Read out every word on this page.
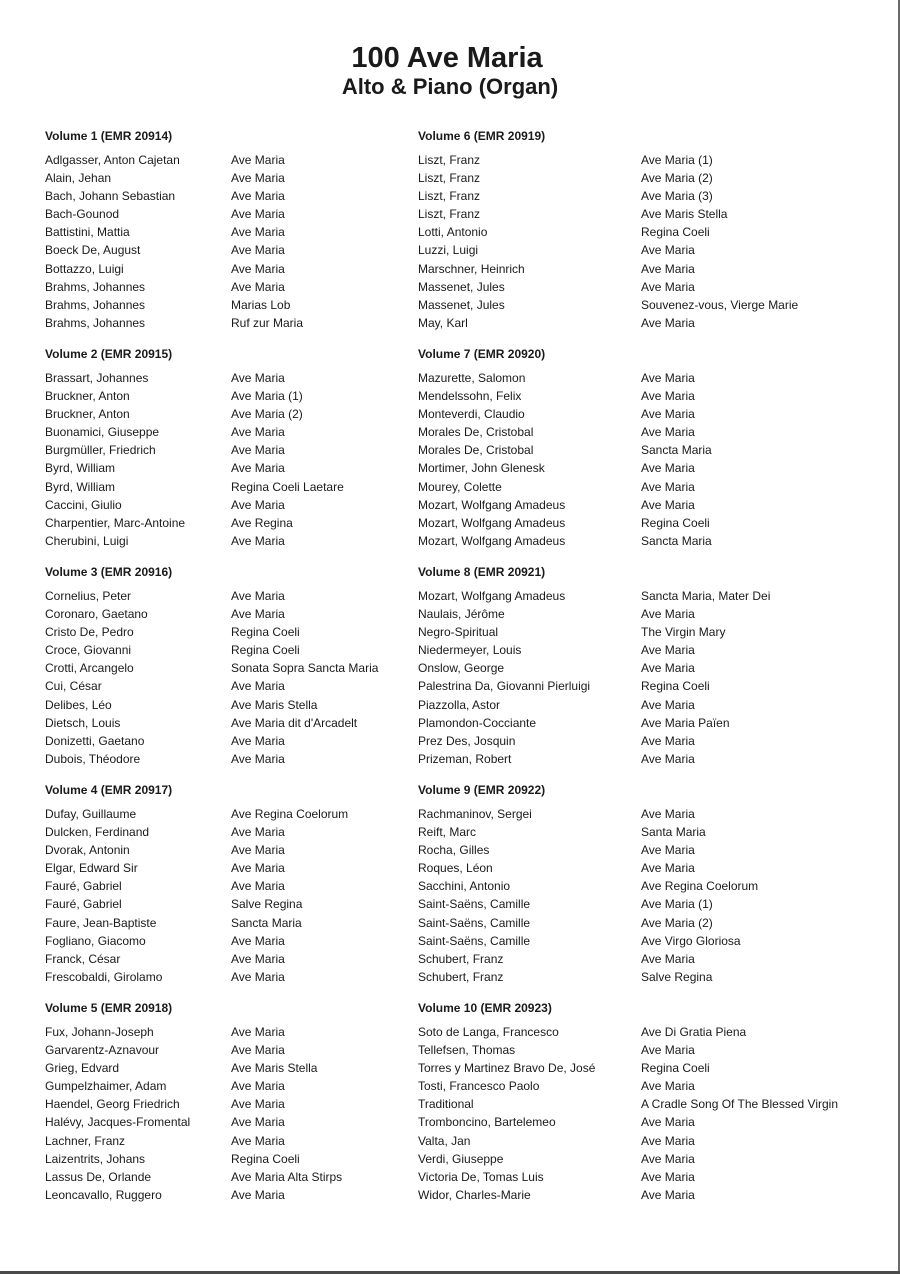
100 Ave Maria
Alto & Piano (Organ)
Volume 1 (EMR 20914)
Adlgasser, Anton Cajetan	Ave Maria
Alain, Jehan	Ave Maria
Bach, Johann Sebastian	Ave Maria
Bach-Gounod	Ave Maria
Battistini, Mattia	Ave Maria
Boeck De, August	Ave Maria
Bottazzo, Luigi	Ave Maria
Brahms, Johannes	Ave Maria
Brahms, Johannes	Marias Lob
Brahms, Johannes	Ruf zur Maria
Volume 2 (EMR 20915)
Brassart, Johannes	Ave Maria
Bruckner, Anton	Ave Maria (1)
Bruckner, Anton	Ave Maria (2)
Buonamici, Giuseppe	Ave Maria
Burgmüller, Friedrich	Ave Maria
Byrd, William	Ave Maria
Byrd, William	Regina Coeli Laetare
Caccini, Giulio	Ave Maria
Charpentier, Marc-Antoine	Ave Regina
Cherubini, Luigi	Ave Maria
Volume 3 (EMR 20916)
Cornelius, Peter	Ave Maria
Coronaro, Gaetano	Ave Maria
Cristo De, Pedro	Regina Coeli
Croce, Giovanni	Regina Coeli
Crotti, Arcangelo	Sonata Sopra Sancta Maria
Cui, César	Ave Maria
Delibes, Léo	Ave Maris Stella
Dietsch, Louis	Ave Maria dit d'Arcadelt
Donizetti, Gaetano	Ave Maria
Dubois, Théodore	Ave Maria
Volume 4 (EMR 20917)
Dufay, Guillaume	Ave Regina Coelorum
Dulcken, Ferdinand	Ave Maria
Dvorak, Antonin	Ave Maria
Elgar, Edward Sir	Ave Maria
Fauré, Gabriel	Ave Maria
Fauré, Gabriel	Salve Regina
Faure, Jean-Baptiste	Sancta Maria
Fogliano, Giacomo	Ave Maria
Franck, César	Ave Maria
Frescobaldi, Girolamo	Ave Maria
Volume 5 (EMR 20918)
Fux, Johann-Joseph	Ave Maria
Garvarentz-Aznavour	Ave Maria
Grieg, Edvard	Ave Maris Stella
Gumpelzhaimer, Adam	Ave Maria
Haendel, Georg Friedrich	Ave Maria
Halévy, Jacques-Fromental	Ave Maria
Lachner, Franz	Ave Maria
Laizentrits, Johans	Regina Coeli
Lassus De, Orlande	Ave Maria Alta Stirps
Leoncavallo, Ruggero	Ave Maria
Volume 6 (EMR 20919)
Liszt, Franz	Ave Maria (1)
Liszt, Franz	Ave Maria (2)
Liszt, Franz	Ave Maria (3)
Liszt, Franz	Ave Maris Stella
Lotti, Antonio	Regina Coeli
Luzzi, Luigi	Ave Maria
Marschner, Heinrich	Ave Maria
Massenet, Jules	Ave Maria
Massenet, Jules	Souvenez-vous, Vierge Marie
May, Karl	Ave Maria
Volume 7 (EMR 20920)
Mazurette, Salomon	Ave Maria
Mendelssohn, Felix	Ave Maria
Monteverdi, Claudio	Ave Maria
Morales De, Cristobal	Ave Maria
Morales De, Cristobal	Sancta Maria
Mortimer, John Glenesk	Ave Maria
Mourey, Colette	Ave Maria
Mozart, Wolfgang Amadeus	Ave Maria
Mozart, Wolfgang Amadeus	Regina Coeli
Mozart, Wolfgang Amadeus	Sancta Maria
Volume 8 (EMR 20921)
Mozart, Wolfgang Amadeus	Sancta Maria, Mater Dei
Naulais, Jérôme	Ave Maria
Negro-Spiritual	The Virgin Mary
Niedermeyer, Louis	Ave Maria
Onslow, George	Ave Maria
Palestrina Da, Giovanni Pierluigi	Regina Coeli
Piazzolla, Astor	Ave Maria
Plamondon-Cocciante	Ave Maria Païen
Prez Des, Josquin	Ave Maria
Prizeman, Robert	Ave Maria
Volume 9 (EMR 20922)
Rachmaninov, Sergei	Ave Maria
Reift, Marc	Santa Maria
Rocha, Gilles	Ave Maria
Roques, Léon	Ave Maria
Sacchini, Antonio	Ave Regina Coelorum
Saint-Saëns, Camille	Ave Maria (1)
Saint-Saëns, Camille	Ave Maria (2)
Saint-Saëns, Camille	Ave Virgo Gloriosa
Schubert, Franz	Ave Maria
Schubert, Franz	Salve Regina
Volume 10 (EMR 20923)
Soto de Langa, Francesco	Ave Di Gratia Piena
Tellefsen, Thomas	Ave Maria
Torres y Martinez Bravo De, José	Regina Coeli
Tosti, Francesco Paolo	Ave Maria
Traditional	A Cradle Song Of The Blessed Virgin
Tromboncino, Bartelemeo	Ave Maria
Valta, Jan	Ave Maria
Verdi, Giuseppe	Ave Maria
Victoria De, Tomas Luis	Ave Maria
Widor, Charles-Marie	Ave Maria
